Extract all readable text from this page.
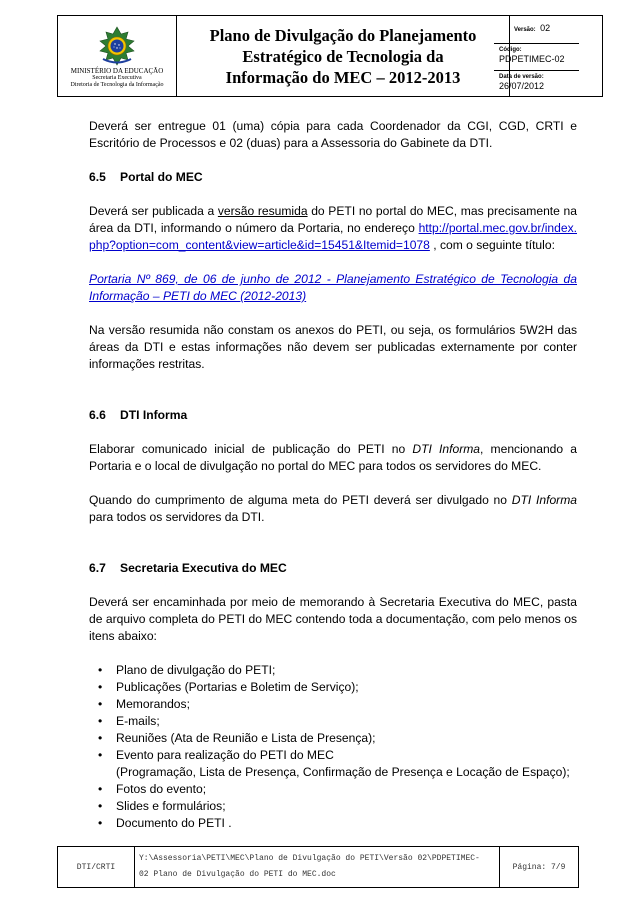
MINISTÉRIO DA EDUCAÇÃO
Secretaria Executiva
Diretoria de Tecnologia da Informação

Plano de Divulgação do Planejamento
Estratégico de Tecnologia da
Informação do MEC – 2012-2013
	Versão: 02
Código:
PDPETIMEC-02
Data de versão:
26/07/2012

Deverá ser entregue 01 (uma) cópia para cada Coordenador da CGI, CGD, CRTI e Escritório de Processos e 02 (duas) para a Assessoria do Gabinete da DTI.

6.5	Portal do MEC

Deverá ser publicada a versão resumida do PETI no portal do MEC, mas precisamente na área da DTI, informando o número da Portaria, no endereço http://portal.mec.gov.br/index.php?option=com_content&view=article&id=15451&Itemid=1078 , com o seguinte título:

Portaria Nº 869, de 06 de junho de 2012 - Planejamento Estratégico de Tecnologia da Informação – PETI do MEC (2012-2013)

Na versão resumida não constam os anexos do PETI, ou seja, os formulários 5W2H das áreas da DTI e estas informações não devem ser publicadas externamente por conter informações restritas.

6.6	DTI Informa

Elaborar comunicado inicial de publicação do PETI no DTI Informa, mencionando a Portaria e o local de divulgação no portal do MEC para todos os servidores do MEC.

Quando do cumprimento de alguma meta do PETI deverá ser divulgado no DTI Informa para todos os servidores da DTI.

6.7	Secretaria Executiva do MEC

Deverá ser encaminhada por meio de memorando à Secretaria Executiva do MEC, pasta de arquivo completa do PETI do MEC contendo toda a documentação, com pelo menos os itens abaixo:

• Plano de divulgação do PETI;
• Publicações (Portarias e Boletim de Serviço);
• Memorandos;
• E-mails;
• Reuniões (Ata de Reunião e Lista de Presença);
• Evento para realização do PETI do MEC
(Programação, Lista de Presença, Confirmação de Presença e Locação de Espaço);
• Fotos do evento;
• Slides e formulários;
• Documento do PETI .
DTI/CRTI	
Y:\Assessoria\PETI\MEC\Plano de Divulgação do PETI\Versão 02\PDPETIMEC-
02 Plano de Divulgação do PETI do MEC.doc
	Página: 7/9
